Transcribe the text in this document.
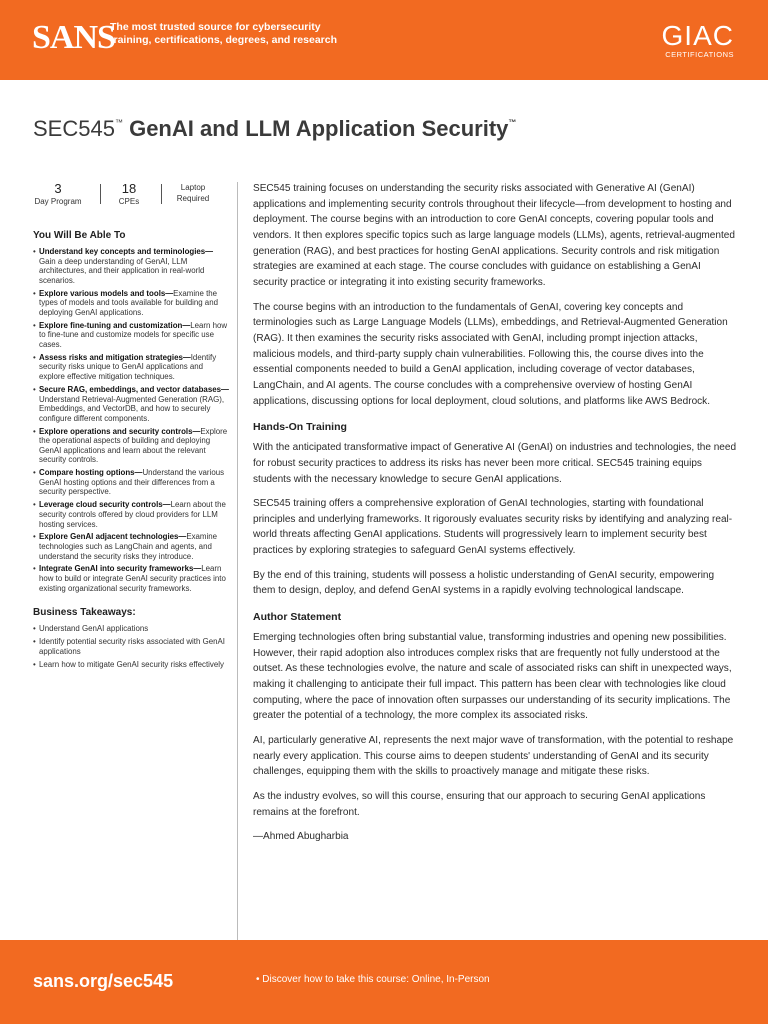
SANS
The most trusted source for cybersecurity training, certifications, degrees, and research	GIAC
CERTIFICATIONS
SEC545™ GenAI and LLM Application Security™
3
Day Program
18
CPEs
Laptop
Required
You Will Be Able To
• Understand key concepts and terminologies—Gain a deep understanding of GenAI, LLM architectures, and their application in real-world scenarios.
• Explore various models and tools—Examine the types of models and tools available for building and deploying GenAI applications.
• Explore fine-tuning and customization—Learn how to fine-tune and customize models for specific use cases.
• Assess risks and mitigation strategies—Identify security risks unique to GenAI applications and explore effective mitigation techniques.
• Secure RAG, embeddings, and vector databases—Understand Retrieval-Augmented Generation (RAG), Embeddings, and VectorDB, and how to securely configure different components.
• Explore operations and security controls—Explore the operational aspects of building and deploying GenAI applications and learn about the relevant security controls.
• Compare hosting options—Understand the various GenAI hosting options and their differences from a security perspective.
• Leverage cloud security controls—Learn about the security controls offered by cloud providers for LLM hosting services.
• Explore GenAI adjacent technologies—Examine technologies such as LangChain and agents, and understand the security risks they introduce.
• Integrate GenAI into security frameworks—Learn how to build or integrate GenAI security practices into existing organizational security frameworks.
Business Takeaways:
• Understand GenAI applications
• Identify potential security risks associated with GenAI applications
• Learn how to mitigate GenAI security risks effectively

SEC545 training focuses on understanding the security risks associated with Generative AI (GenAI) applications and implementing security controls throughout their lifecycle—from development to hosting and deployment. The course begins with an introduction to core GenAI concepts, covering popular tools and vendors. It then explores specific topics such as large language models (LLMs), agents, retrieval-augmented generation (RAG), and best practices for hosting GenAI applications. Security controls and risk mitigation strategies are examined at each stage. The course concludes with guidance on establishing a GenAI security practice or integrating it into existing security frameworks.

The course begins with an introduction to the fundamentals of GenAI, covering key concepts and terminologies such as Large Language Models (LLMs), embeddings, and Retrieval-Augmented Generation (RAG). It then examines the security risks associated with GenAI, including prompt injection attacks, malicious models, and third-party supply chain vulnerabilities. Following this, the course dives into the essential components needed to build a GenAI application, including coverage of vector databases, LangChain, and AI agents. The course concludes with a comprehensive overview of hosting GenAI applications, discussing options for local deployment, cloud solutions, and platforms like AWS Bedrock.

Hands-On Training

With the anticipated transformative impact of Generative AI (GenAI) on industries and technologies, the need for robust security practices to address its risks has never been more critical. SEC545 training equips students with the necessary knowledge to secure GenAI applications.

SEC545 training offers a comprehensive exploration of GenAI technologies, starting with foundational principles and underlying frameworks. It rigorously evaluates security risks by identifying and analyzing real-world threats affecting GenAI applications. Students will progressively learn to implement security best practices by exploring strategies to safeguard GenAI systems effectively.

By the end of this training, students will possess a holistic understanding of GenAI security, empowering them to design, deploy, and defend GenAI systems in a rapidly evolving technological landscape.

Author Statement

Emerging technologies often bring substantial value, transforming industries and opening new possibilities. However, their rapid adoption also introduces complex risks that are frequently not fully understood at the outset. As these technologies evolve, the nature and scale of associated risks can shift in unexpected ways, making it challenging to anticipate their full impact. This pattern has been clear with technologies like cloud computing, where the pace of innovation often surpasses our understanding of its security implications. The greater the potential of a technology, the more complex its associated risks.

AI, particularly generative AI, represents the next major wave of transformation, with the potential to reshape nearly every application. This course aims to deepen students' understanding of GenAI and its security challenges, equipping them with the skills to proactively manage and mitigate these risks.

As the industry evolves, so will this course, ensuring that our approach to securing GenAI applications remains at the forefront.

—Ahmed Abugharbia

sans.org/sec545	• Discover how to take this course: Online, In-Person
